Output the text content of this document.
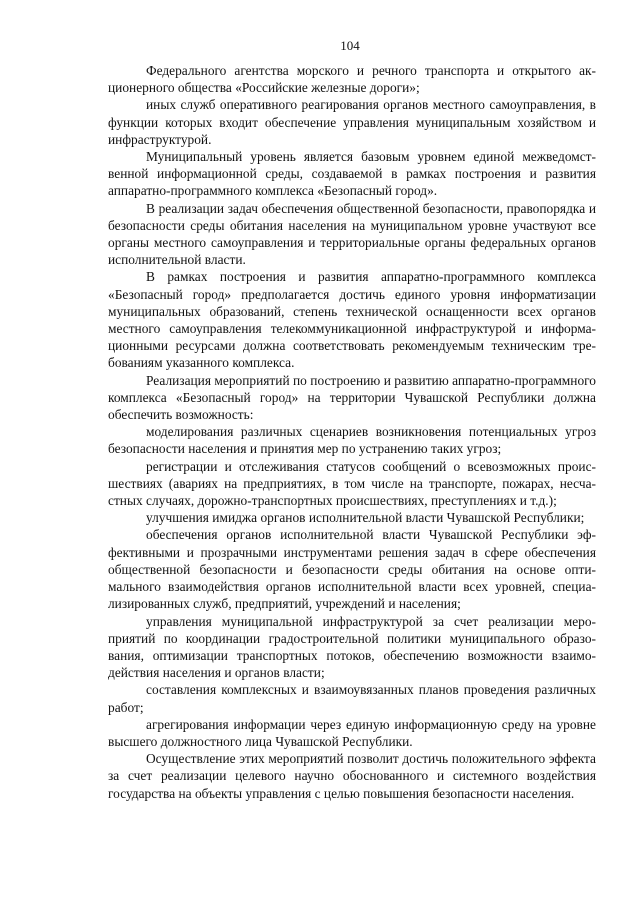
104

Федерального агентства морского и речного транспорта и открытого акционерного общества «Российские железные дороги»;

иных служб оперативного реагирования органов местного самоуправления, в функции которых входит обеспечение управления муниципальным хозяйством и инфраструктурой.

Муниципальный уровень является базовым уровнем единой межведомственной информационной среды, создаваемой в рамках построения и развития аппаратно-программного комплекса «Безопасный город».

В реализации задач обеспечения общественной безопасности, правопорядка и безопасности среды обитания населения на муниципальном уровне участвуют все органы местного самоуправления и территориальные органы федеральных органов исполнительной власти.

В рамках построения и развития аппаратно-программного комплекса «Безопасный город» предполагается достичь единого уровня информатизации муниципальных образований, степень технической оснащенности всех органов местного самоуправления телекоммуникационной инфраструктурой и информационными ресурсами должна соответствовать рекомендуемым техническим требованиям указанного комплекса.

Реализация мероприятий по построению и развитию аппаратно-программного комплекса «Безопасный город» на территории Чувашской Республики должна обеспечить возможность:

моделирования различных сценариев возникновения потенциальных угроз безопасности населения и принятия мер по устранению таких угроз;

регистрации и отслеживания статусов сообщений о всевозможных происшествиях (авариях на предприятиях, в том числе на транспорте, пожарах, несчастных случаях, дорожно-транспортных происшествиях, преступлениях и т.д.);

улучшения имиджа органов исполнительной власти Чувашской Республики;

обеспечения органов исполнительной власти Чувашской Республики эффективными и прозрачными инструментами решения задач в сфере обеспечения общественной безопасности и безопасности среды обитания на основе оптимального взаимодействия органов исполнительной власти всех уровней, специализированных служб, предприятий, учреждений и населения;

управления муниципальной инфраструктурой за счет реализации мероприятий по координации градостроительной политики муниципального образования, оптимизации транспортных потоков, обеспечению возможности взаимодействия населения и органов власти;

составления комплексных и взаимоувязанных планов проведения различных работ;

агрегирования информации через единую информационную среду на уровне высшего должностного лица Чувашской Республики.

Осуществление этих мероприятий позволит достичь положительного эффекта за счет реализации целевого научно обоснованного и системного воздействия государства на объекты управления с целью повышения безопасности населения.
